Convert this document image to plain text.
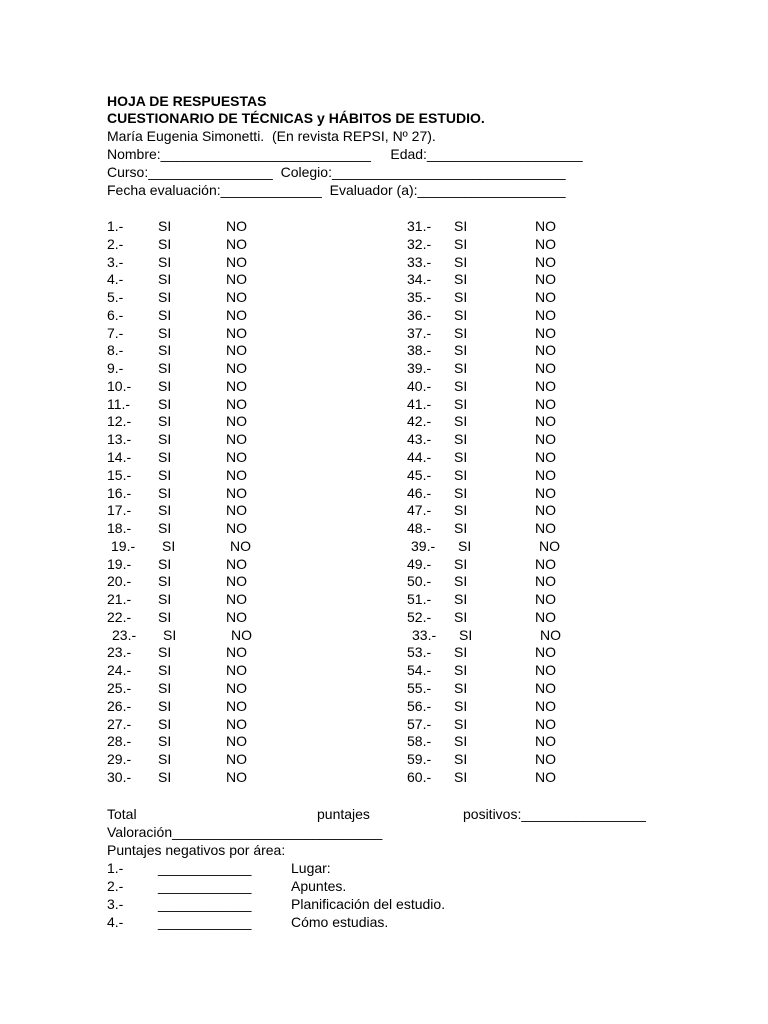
HOJA DE RESPUESTAS
CUESTIONARIO DE TÉCNICAS y HÁBITOS DE ESTUDIO.
María Eugenia Simonetti.  (En revista REPSI, Nº 27).
Nombre:___________________________     Edad:____________________
Curso:________________  Colegio:______________________________
Fecha evaluación:_____________  Evaluador (a):___________________
1.- SI	NO	31.- SI	NO
2.- SI	NO	32.- SI	NO
3.- SI	NO	33.- SI	NO
4.- SI	NO	34.- SI	NO
5.- SI	NO	35.- SI	NO
6.- SI	NO	36.- SI	NO
7.- SI	NO	37.- SI	NO
8.- SI	NO	38.- SI	NO
9.- SI	NO	39.- SI	NO
10.- SI	NO	40.- SI	NO
11.- SI	NO	41.- SI	NO
12.- SI	NO	42.- SI	NO
13.- SI	NO	43.- SI	NO
14.- SI	NO	44.- SI	NO
15.- SI	NO	45.- SI	NO
16.- SI	NO	46.- SI	NO
17.- SI	NO	47.- SI	NO
18.- SI	NO	48.- SI	NO
19.- SI	NO	39.- SI	NO
19.- SI	NO	49.- SI	NO
20.- SI	NO	50.- SI	NO
21.- SI	NO	51.- SI	NO
22.- SI	NO	52.- SI	NO
23.- SI	NO	33.- SI	NO
23.- SI	NO	53.- SI	NO
24.- SI	NO	54.- SI	NO
25.- SI	NO	55.- SI	NO
26.- SI	NO	56.- SI	NO
27.- SI	NO	57.- SI	NO
28.- SI	NO	58.- SI	NO
29.- SI	NO	59.- SI	NO
30.- SI	NO	60.- SI	NO
Total	puntajes	positivos:________________
Valoración___________________________
Puntajes negativos por área:
1.- ____________	Lugar:
2.- ____________	Apuntes.
3.- ____________	Planificación del estudio.
4.- ____________	Cómo estudias.
